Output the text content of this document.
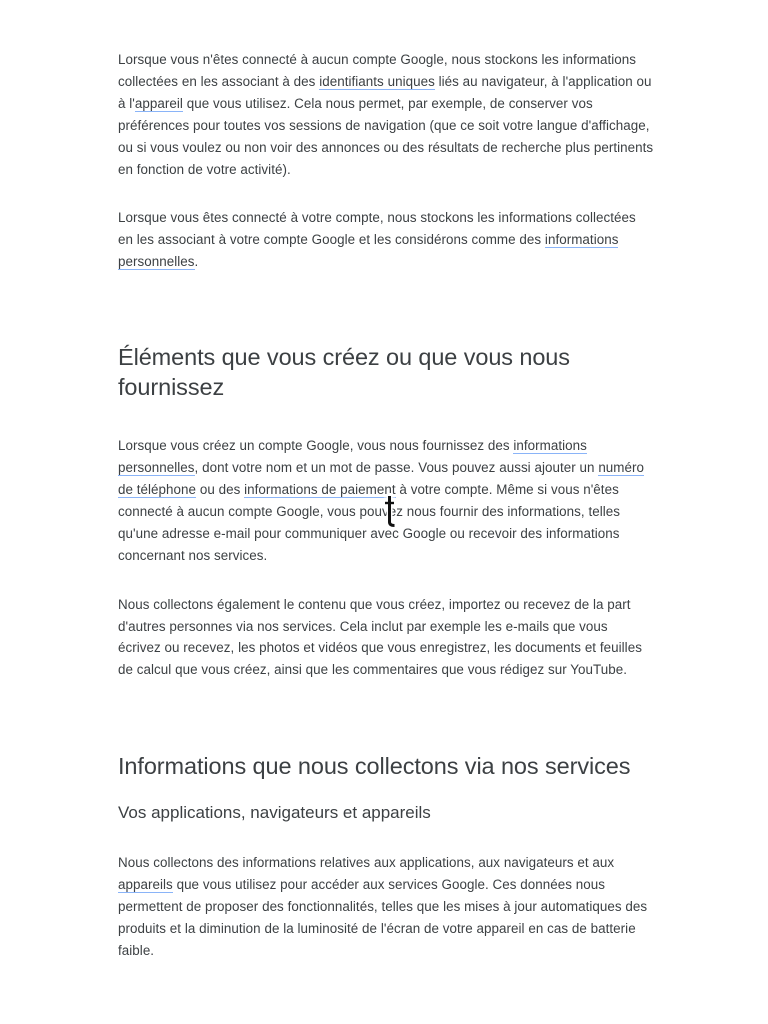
Lorsque vous n'êtes connecté à aucun compte Google, nous stockons les informations collectées en les associant à des identifiants uniques liés au navigateur, à l'application ou à l'appareil que vous utilisez. Cela nous permet, par exemple, de conserver vos préférences pour toutes vos sessions de navigation (que ce soit votre langue d'affichage, ou si vous voulez ou non voir des annonces ou des résultats de recherche plus pertinents en fonction de votre activité).

Lorsque vous êtes connecté à votre compte, nous stockons les informations collectées en les associant à votre compte Google et les considérons comme des informations personnelles.

Éléments que vous créez ou que vous nous fournissez

Lorsque vous créez un compte Google, vous nous fournissez des informations personnelles, dont votre nom et un mot de passe. Vous pouvez aussi ajouter un numéro de téléphone ou des informations de paiement à votre compte. Même si vous n'êtes connecté à aucun compte Google, vous pouvez nous fournir des informations, telles qu'une adresse e-mail pour communiquer avec Google ou recevoir des informations concernant nos services.

Nous collectons également le contenu que vous créez, importez ou recevez de la part d'autres personnes via nos services. Cela inclut par exemple les e-mails que vous écrivez ou recevez, les photos et vidéos que vous enregistrez, les documents et feuilles de calcul que vous créez, ainsi que les commentaires que vous rédigez sur YouTube.

Informations que nous collectons via nos services
Vos applications, navigateurs et appareils

Nous collectons des informations relatives aux applications, aux navigateurs et aux appareils que vous utilisez pour accéder aux services Google. Ces données nous permettent de proposer des fonctionnalités, telles que les mises à jour automatiques des produits et la diminution de la luminosité de l'écran de votre appareil en cas de batterie faible.
